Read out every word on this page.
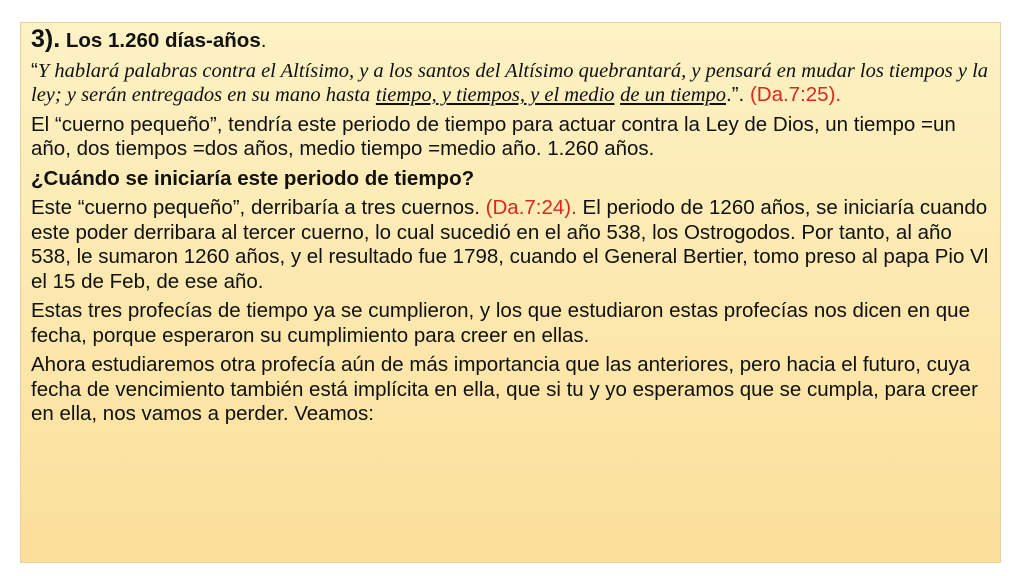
3). Los 1.260 días-años.

“Y hablará palabras contra el Altísimo, y a los santos del Altísimo quebrantará, y pensará en mudar los tiempos y la ley; y serán entregados en su mano hasta tiempo, y tiempos, y el medio de un tiempo.”. (Da.7:25).

El “cuerno pequeño”, tendría este periodo de tiempo para actuar contra la Ley de Dios, un tiempo =un año, dos tiempos =dos años, medio tiempo =medio año. 1.260 años.

¿Cuándo se iniciaría este periodo de tiempo?

Este “cuerno pequeño”, derribaría a tres cuernos. (Da.7:24). El periodo de 1260 años, se iniciaría cuando este poder derribara al tercer cuerno, lo cual sucedió en el año 538, los Ostrogodos. Por tanto, al año 538, le sumaron 1260 años, y el resultado fue 1798, cuando el General Bertier, tomo preso al papa Pio Vl el 15 de Feb, de ese año.

Estas tres profecías de tiempo ya se cumplieron, y los que estudiaron estas profecías nos dicen en que fecha, porque esperaron su cumplimiento para creer en ellas.

Ahora estudiaremos otra profecía aún de más importancia que las anteriores, pero hacia el futuro, cuya fecha de vencimiento también está implícita en ella, que si tu y yo esperamos que se cumpla, para creer en ella, nos vamos a perder. Veamos:
